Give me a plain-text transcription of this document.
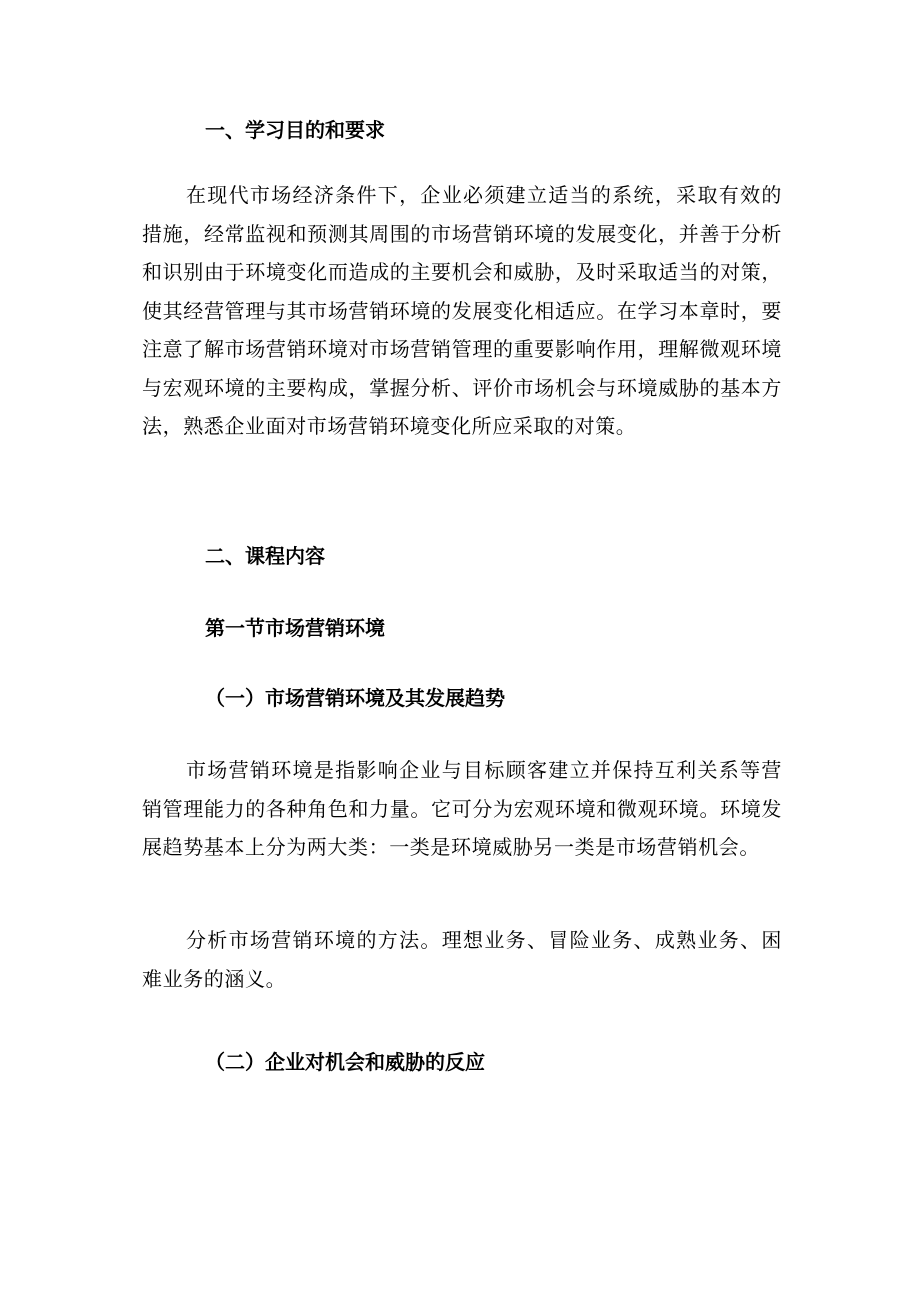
一、学习目的和要求

在现代市场经济条件下，企业必须建立适当的系统，采取有效的措施，经常监视和预测其周围的市场营销环境的发展变化，并善于分析和识别由于环境变化而造成的主要机会和威胁，及时采取适当的对策，使其经营管理与其市场营销环境的发展变化相适应。在学习本章时，要注意了解市场营销环境对市场营销管理的重要影响作用，理解微观环境与宏观环境的主要构成，掌握分析、评价市场机会与环境威胁的基本方法，熟悉企业面对市场营销环境变化所应采取的对策。

二、课程内容
第一节市场营销环境
（一）市场营销环境及其发展趋势

市场营销环境是指影响企业与目标顾客建立并保持互利关系等营销管理能力的各种角色和力量。它可分为宏观环境和微观环境。环境发展趋势基本上分为两大类：一类是环境威胁另一类是市场营销机会。

分析市场营销环境的方法。理想业务、冒险业务、成熟业务、困难业务的涵义。

（二）企业对机会和威胁的反应
